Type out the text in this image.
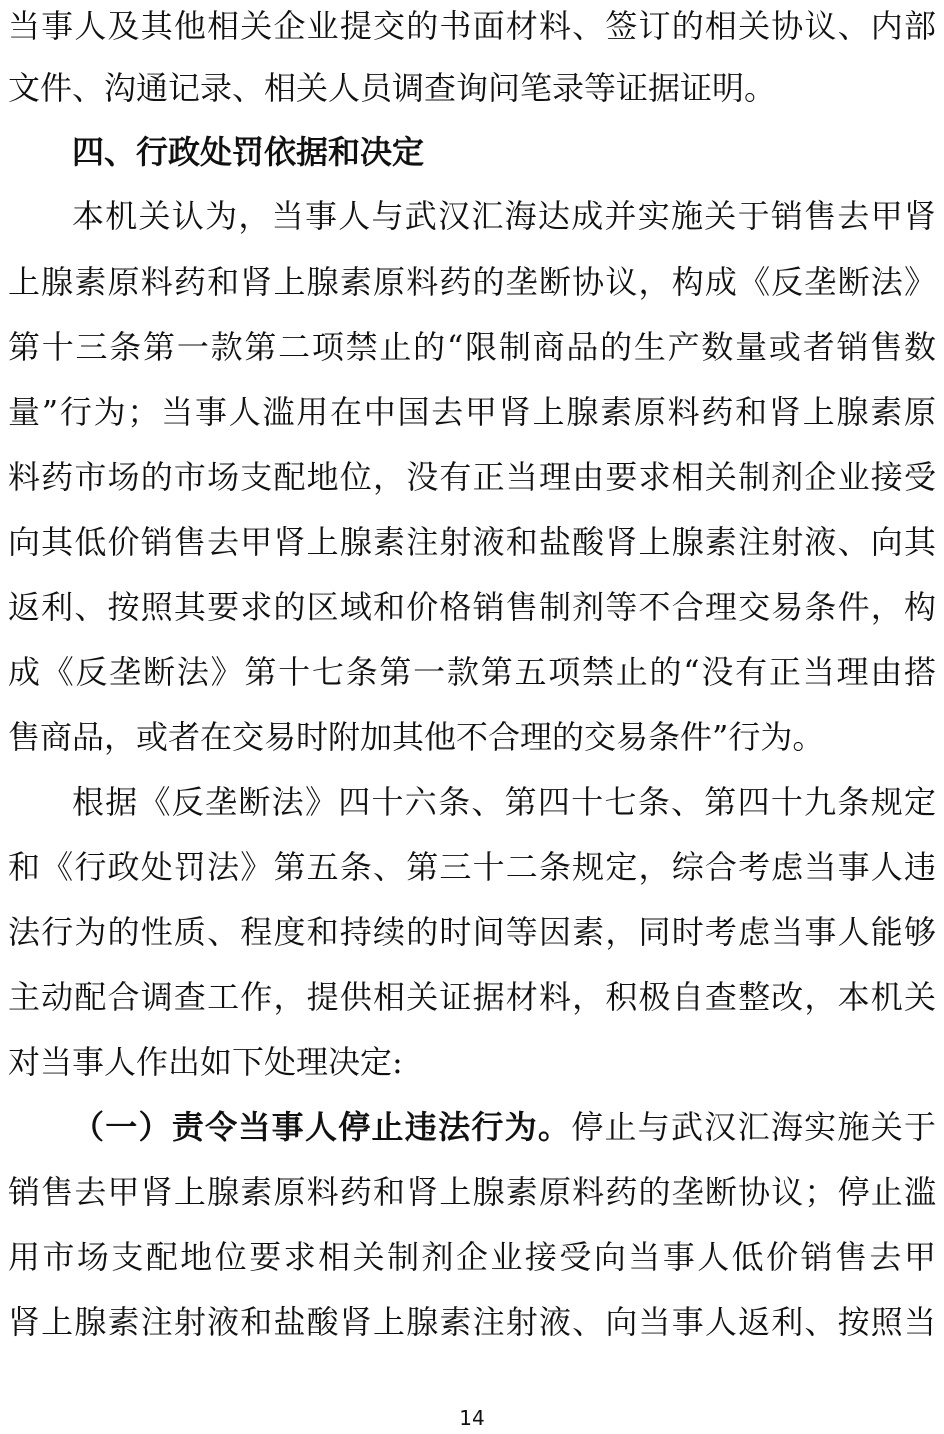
当事人及其他相关企业提交的书面材料、签订的相关协议、内部
文件、沟通记录、相关人员调查询问笔录等证据证明。
四、行政处罚依据和决定
本机关认为，当事人与武汉汇海达成并实施关于销售去甲肾
上腺素原料药和肾上腺素原料药的垄断协议，构成《反垄断法》
第十三条第一款第二项禁止的“限制商品的生产数量或者销售数
量”行为；当事人滥用在中国去甲肾上腺素原料药和肾上腺素原
料药市场的市场支配地位，没有正当理由要求相关制剂企业接受
向其低价销售去甲肾上腺素注射液和盐酸肾上腺素注射液、向其
返利、按照其要求的区域和价格销售制剂等不合理交易条件，构
成《反垄断法》第十七条第一款第五项禁止的“没有正当理由搭
售商品，或者在交易时附加其他不合理的交易条件”行为。
根据《反垄断法》四十六条、第四十七条、第四十九条规定
和《行政处罚法》第五条、第三十二条规定，综合考虑当事人违
法行为的性质、程度和持续的时间等因素，同时考虑当事人能够
主动配合调查工作，提供相关证据材料，积极自查整改，本机关
对当事人作出如下处理决定:
（一）责令当事人停止违法行为。停止与武汉汇海实施关于
销售去甲肾上腺素原料药和肾上腺素原料药的垄断协议；停止滥
用市场支配地位要求相关制剂企业接受向当事人低价销售去甲
肾上腺素注射液和盐酸肾上腺素注射液、向当事人返利、按照当
14
